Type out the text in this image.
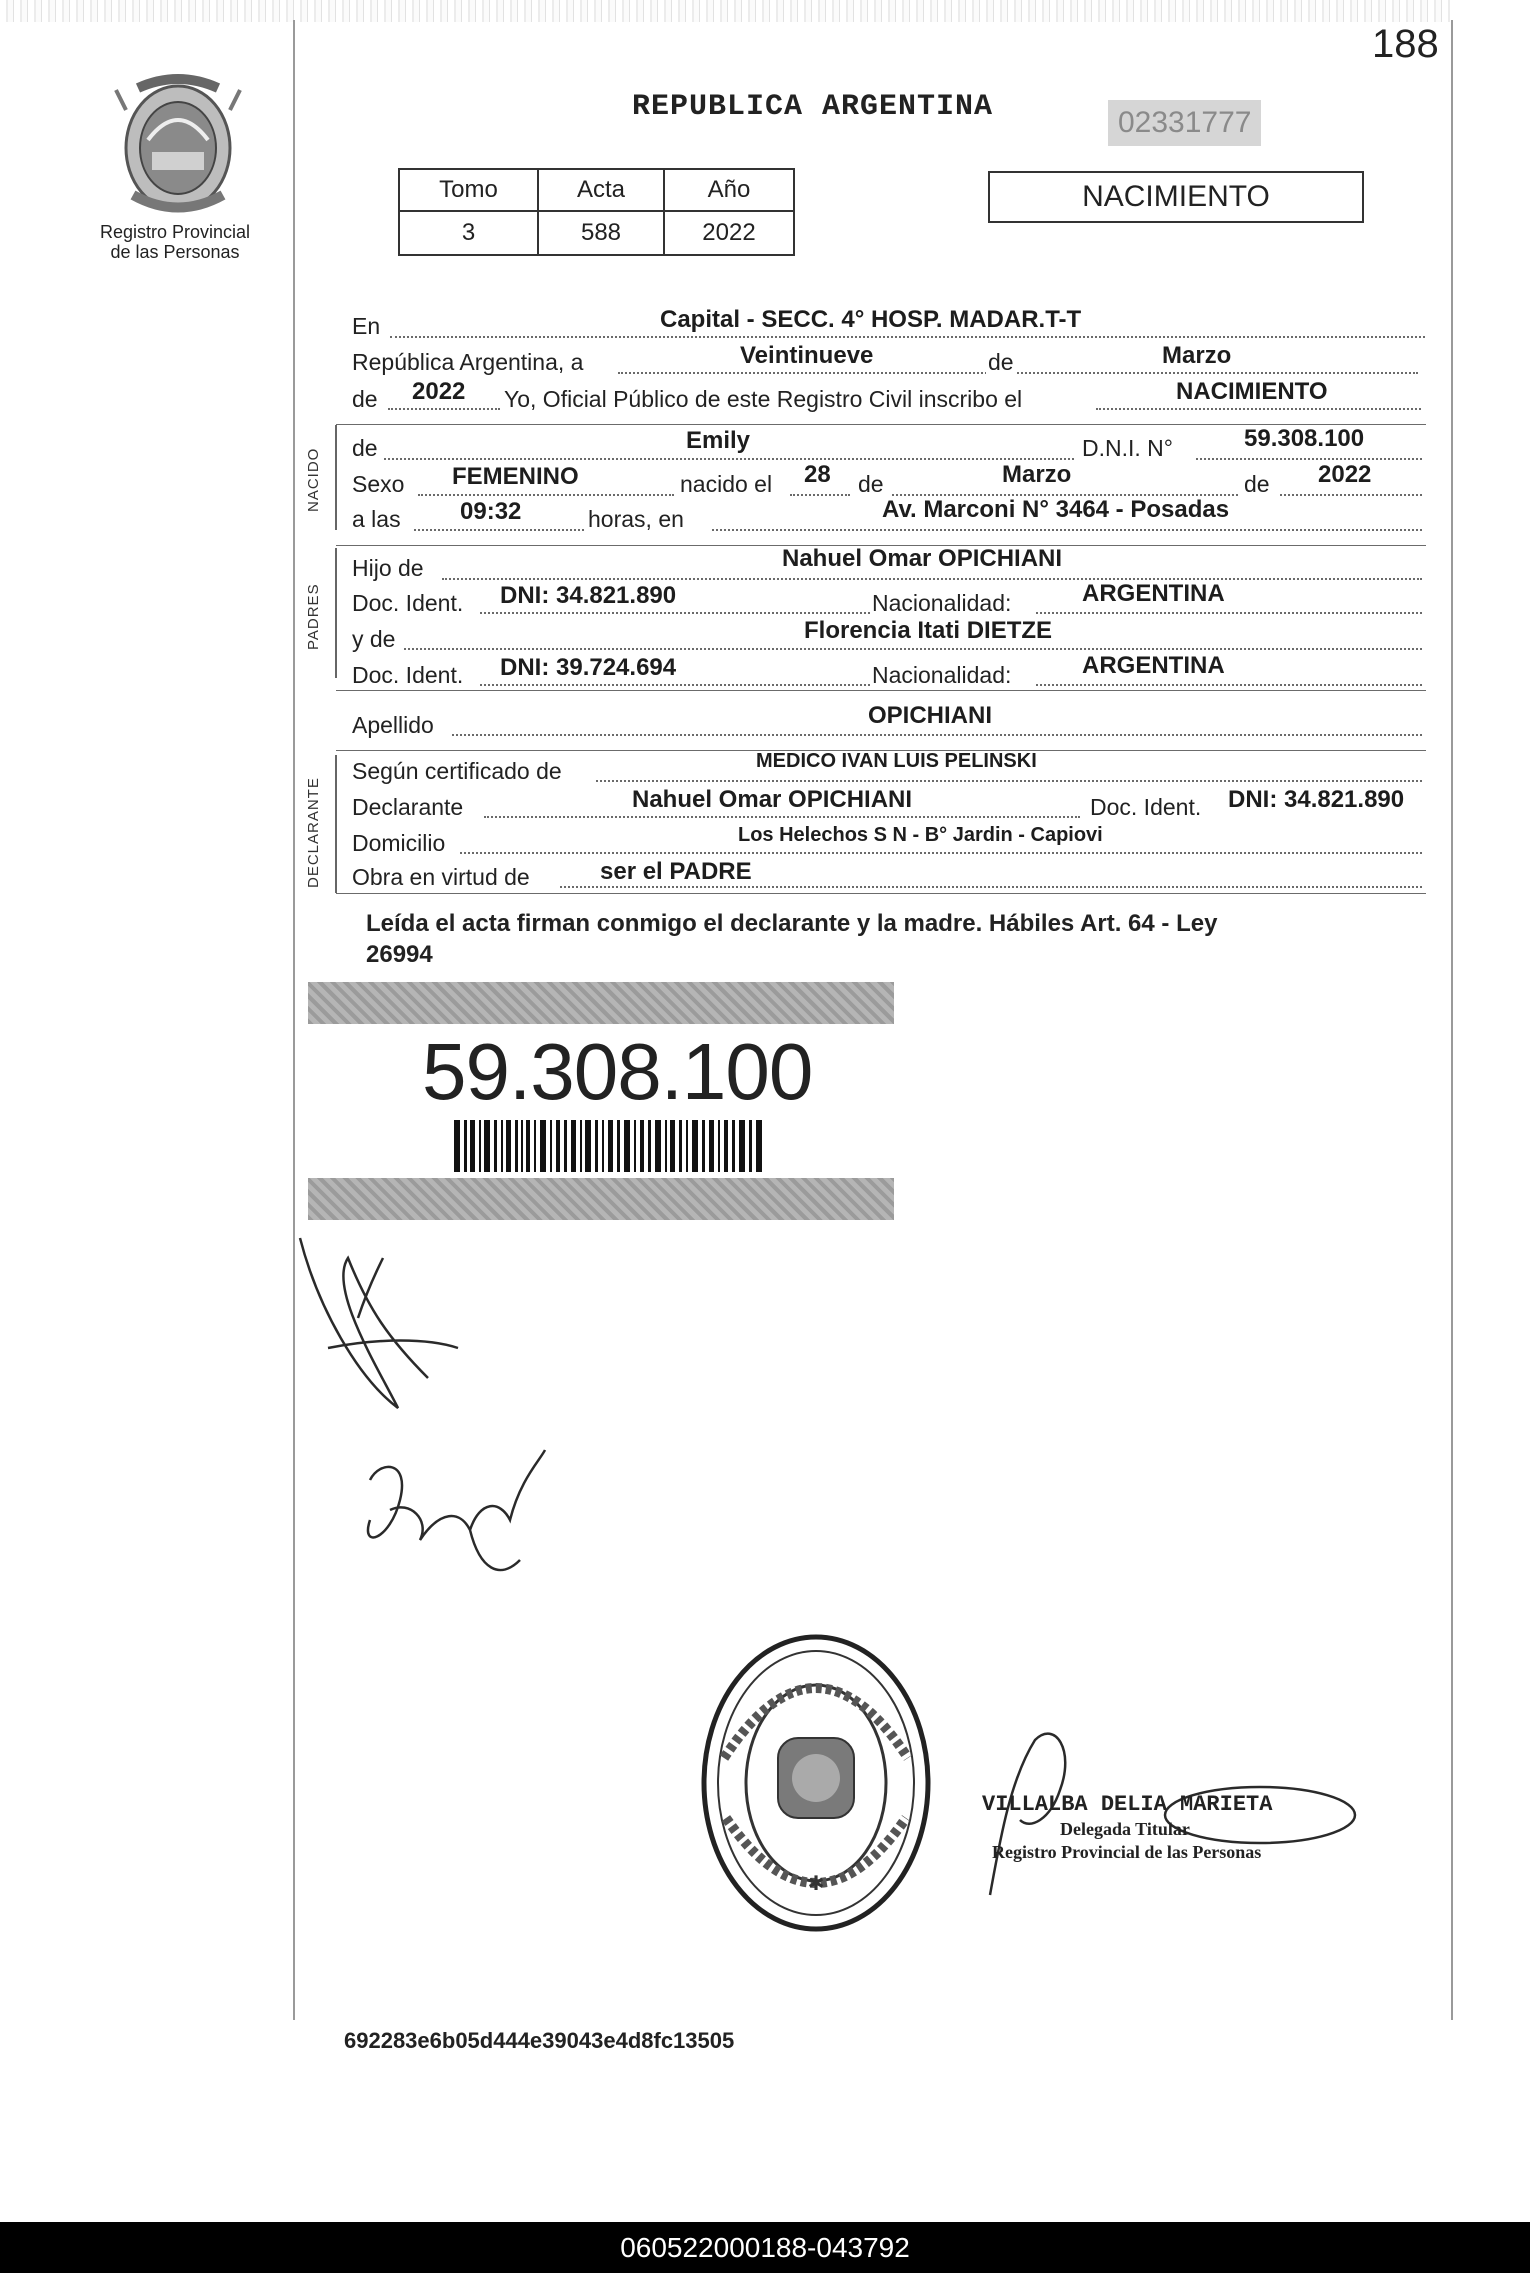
188
Registro Provincial
de las Personas
REPUBLICA ARGENTINA	02331777
Tomo	Acta	Año
3	588	2022
NACIMIENTO
En	Capital - SECC. 4° HOSP. MADAR.T-T
República Argentina, a	Veintinueve	de	Marzo
de 2022 Yo, Oficial Público de este Registro Civil inscribo el	NACIMIENTO
NACIDO de	Emily	D.N.I. N°	59.308.100
Sexo FEMENINO	nacido el 28 de	Marzo	de 2022
a las 09:32	horas, en	Av. Marconi N° 3464 - Posadas
PADRES
Hijo de	Nahuel Omar OPICHIANI
Doc. Ident. DNI: 34.821.890	Nacionalidad:	ARGENTINA
y de	Florencia Itati DIETZE
Doc. Ident. DNI: 39.724.694	Nacionalidad:	ARGENTINA
Apellido	OPICHIANI
DECLARANTE
Según certificado de	MEDICO IVAN LUIS PELINSKI
Declarante	Nahuel Omar OPICHIANI	Doc. Ident. DNI: 34.821.890
Domicilio	Los Helechos S N - B° Jardin - Capiovi
Obra en virtud de	ser el PADRE
Leída el acta firman conmigo el declarante y la madre. Hábiles Art. 64 - Ley
26994
59.308.100
✱
VILLALBA DELIA MARIETA
Delegada Titular
Registro Provincial de las Personas
692283e6b05d444e39043e4d8fc13505
060522000188-043792
